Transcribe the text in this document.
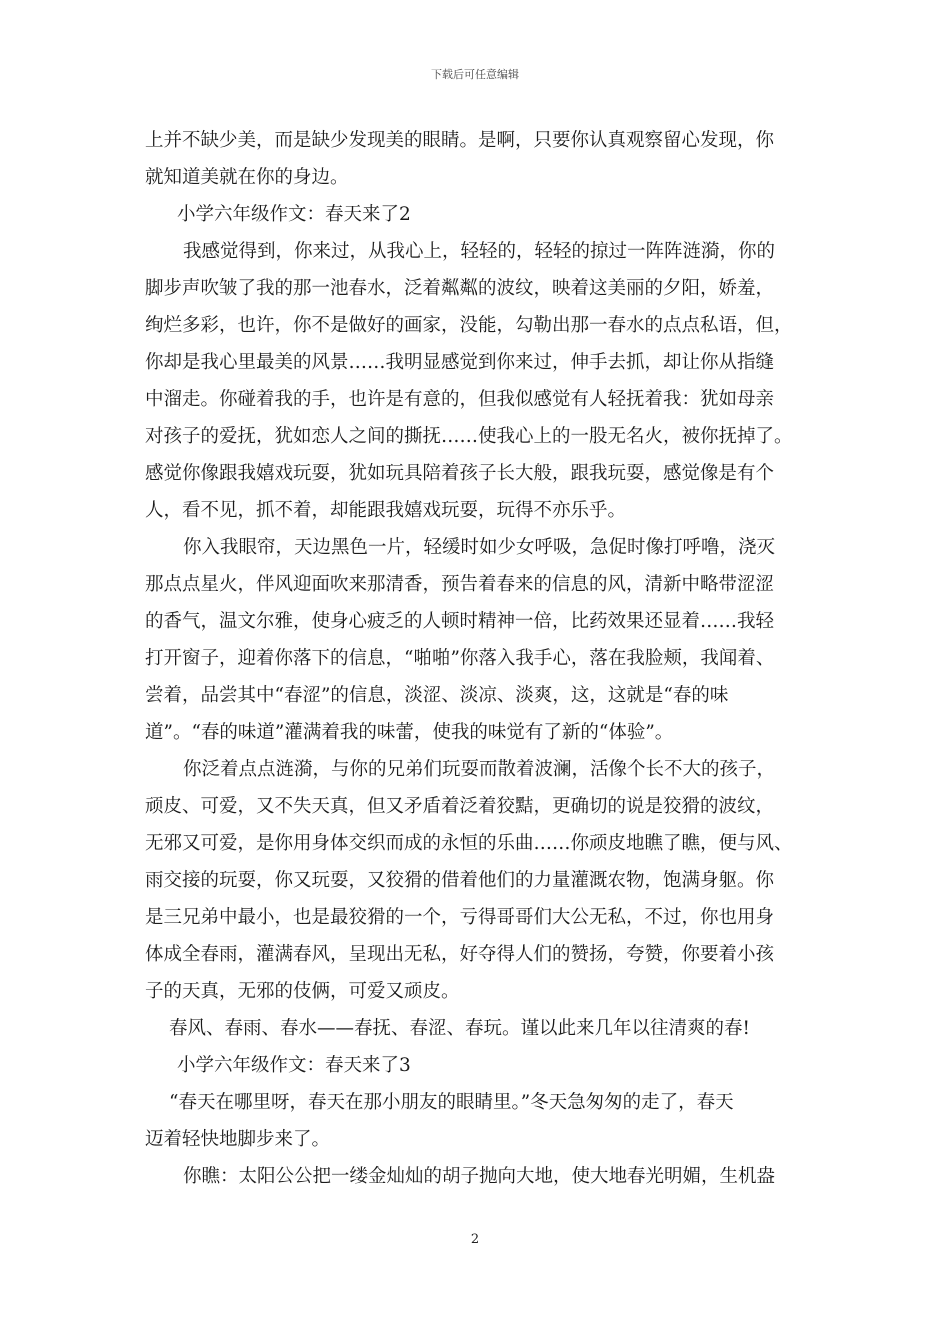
下载后可任意编辑
上并不缺少美，而是缺少发现美的眼睛。是啊，只要你认真观察留心发现，你
就知道美就在你的身边。
小学六年级作文：春天来了2
我感觉得到，你来过，从我心上，轻轻的，轻轻的掠过一阵阵涟漪，你的
脚步声吹皱了我的那一池春水，泛着粼粼的波纹，映着这美丽的夕阳，娇羞，
绚烂多彩，也许，你不是做好的画家，没能，勾勒出那一春水的点点私语，但，
你却是我心里最美的风景……我明显感觉到你来过，伸手去抓，却让你从指缝
中溜走。你碰着我的手，也许是有意的，但我似感觉有人轻抚着我：犹如母亲
对孩子的爱抚，犹如恋人之间的撕抚……使我心上的一股无名火，被你抚掉了。
感觉你像跟我嬉戏玩耍，犹如玩具陪着孩子长大般，跟我玩耍，感觉像是有个
人，看不见，抓不着，却能跟我嬉戏玩耍，玩得不亦乐乎。
你入我眼帘，天边黑色一片，轻缓时如少女呼吸，急促时像打呼噜，浇灭
那点点星火，伴风迎面吹来那清香，预告着春来的信息的风，清新中略带涩涩
的香气，温文尔雅，使身心疲乏的人顿时精神一倍，比药效果还显着……我轻
打开窗子，迎着你落下的信息，“啪啪”你落入我手心，落在我脸颊，我闻着、
尝着，品尝其中“春涩”的信息，淡涩、淡凉、淡爽，这，这就是“春的味
道”。“春的味道”灌满着我的味蕾，使我的味觉有了新的“体验”。
你泛着点点涟漪，与你的兄弟们玩耍而散着波澜，活像个长不大的孩子，
顽皮、可爱，又不失天真，但又矛盾着泛着狡黠，更确切的说是狡猾的波纹，
无邪又可爱，是你用身体交织而成的永恒的乐曲……你顽皮地瞧了瞧，便与风、
雨交接的玩耍，你又玩耍，又狡猾的借着他们的力量灌溉农物，饱满身躯。你
是三兄弟中最小，也是最狡猾的一个，亏得哥哥们大公无私，不过，你也用身
体成全春雨，灌满春风，呈现出无私，好夺得人们的赞扬，夸赞，你要着小孩
子的天真，无邪的伎俩，可爱又顽皮。
春风、春雨、春水——春抚、春涩、春玩。谨以此来几年以往清爽的春!
小学六年级作文：春天来了3
“春天在哪里呀，春天在那小朋友的眼睛里。”冬天急匆匆的走了，春天
迈着轻快地脚步来了。
你瞧：太阳公公把一缕金灿灿的胡子抛向大地，使大地春光明媚，生机盎
2
